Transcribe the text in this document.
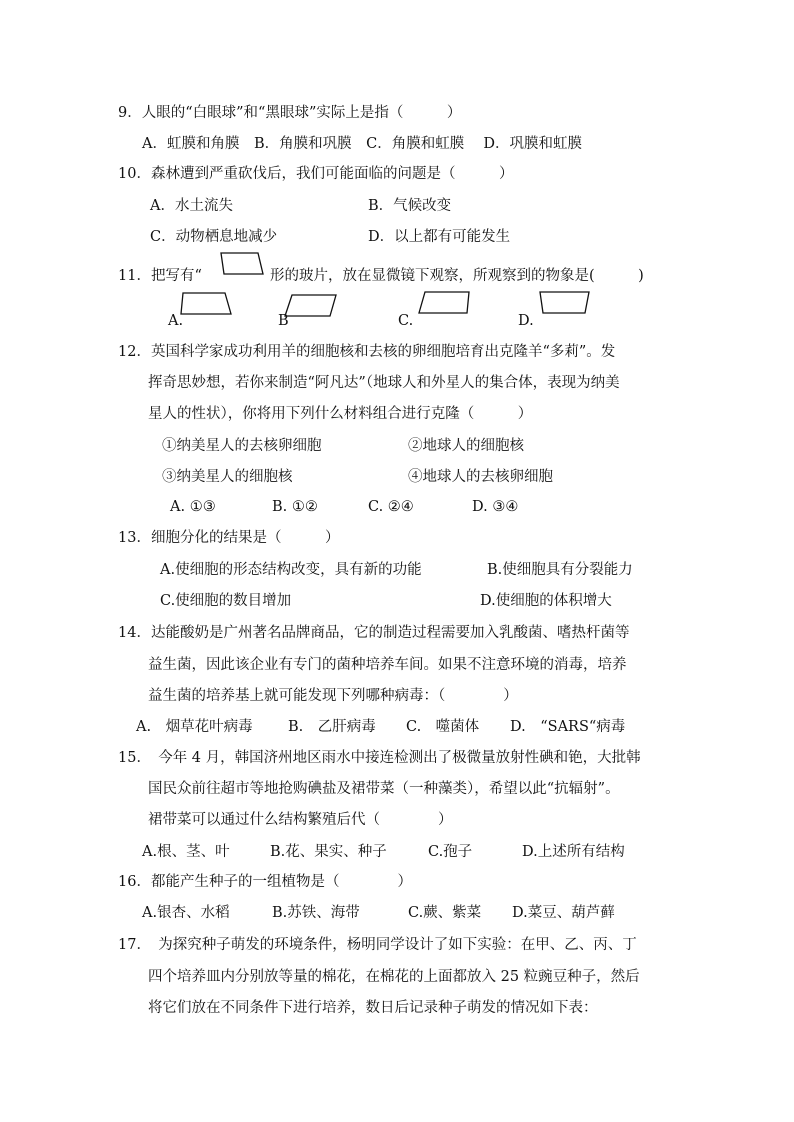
9．人眼的“白眼球”和“黑眼球”实际上是指（　　　）
A．虹膜和角膜　B．角膜和巩膜　C．角膜和虹膜　 D．巩膜和虹膜
10．森林遭到严重砍伐后，我们可能面临的问题是（　　　）
A．水土流失	B．气候改变
C．动物栖息地减少	D．以上都有可能发生
11．把写有“	形的玻片，放在显微镜下观察，所观察到的物象是(　　　)
A.	B	C.	D.
12．英国科学家成功利用羊的细胞核和去核的卵细胞培育出克隆羊“多莉”。发
挥奇思妙想，若你来制造“阿凡达”（地球人和外星人的集合体，表现为纳美
星人的性状），你将用下列什么材料组合进行克隆（　　　）
①纳美星人的去核卵细胞	②地球人的细胞核
③纳美星人的细胞核	④地球人的去核卵细胞
A. ①③	B. ①②	C. ②④	D. ③④
13．细胞分化的结果是（　　　）
A.使细胞的形态结构改变，具有新的功能	B.使细胞具有分裂能力
C.使细胞的数目增加	D.使细胞的体积增大
14．达能酸奶是广州著名品牌商品，它的制造过程需要加入乳酸菌、嗜热杆菌等
益生菌，因此该企业有专门的菌种培养车间。如果不注意环境的消毒，培养
益生菌的培养基上就可能发现下列哪种病毒：（　　　　）
A.　烟草花叶病毒 B.　乙肝病毒 C.　噬菌体 D.　“SARS“病毒
15．　今年 4 月，韩国济州地区雨水中接连检测出了极微量放射性碘和铯，大批韩
国民众前往超市等地抢购碘盐及裙带菜（一种藻类），希望以此“抗辐射”。
裙带菜可以通过什么结构繁殖后代（　　　　）
A.根、茎、叶	B.花、果实、种子	C.孢子	D.上述所有结构
16．都能产生种子的一组植物是（　　　　）
A.银杏、水稻	B.苏铁、海带	C.蕨、紫菜 D.菜豆、葫芦藓
17．　为探究种子萌发的环境条件，杨明同学设计了如下实验：在甲、乙、丙、丁
四个培养皿内分别放等量的棉花，在棉花的上面都放入 25 粒豌豆种子，然后
将它们放在不同条件下进行培养，数日后记录种子萌发的情况如下表：
